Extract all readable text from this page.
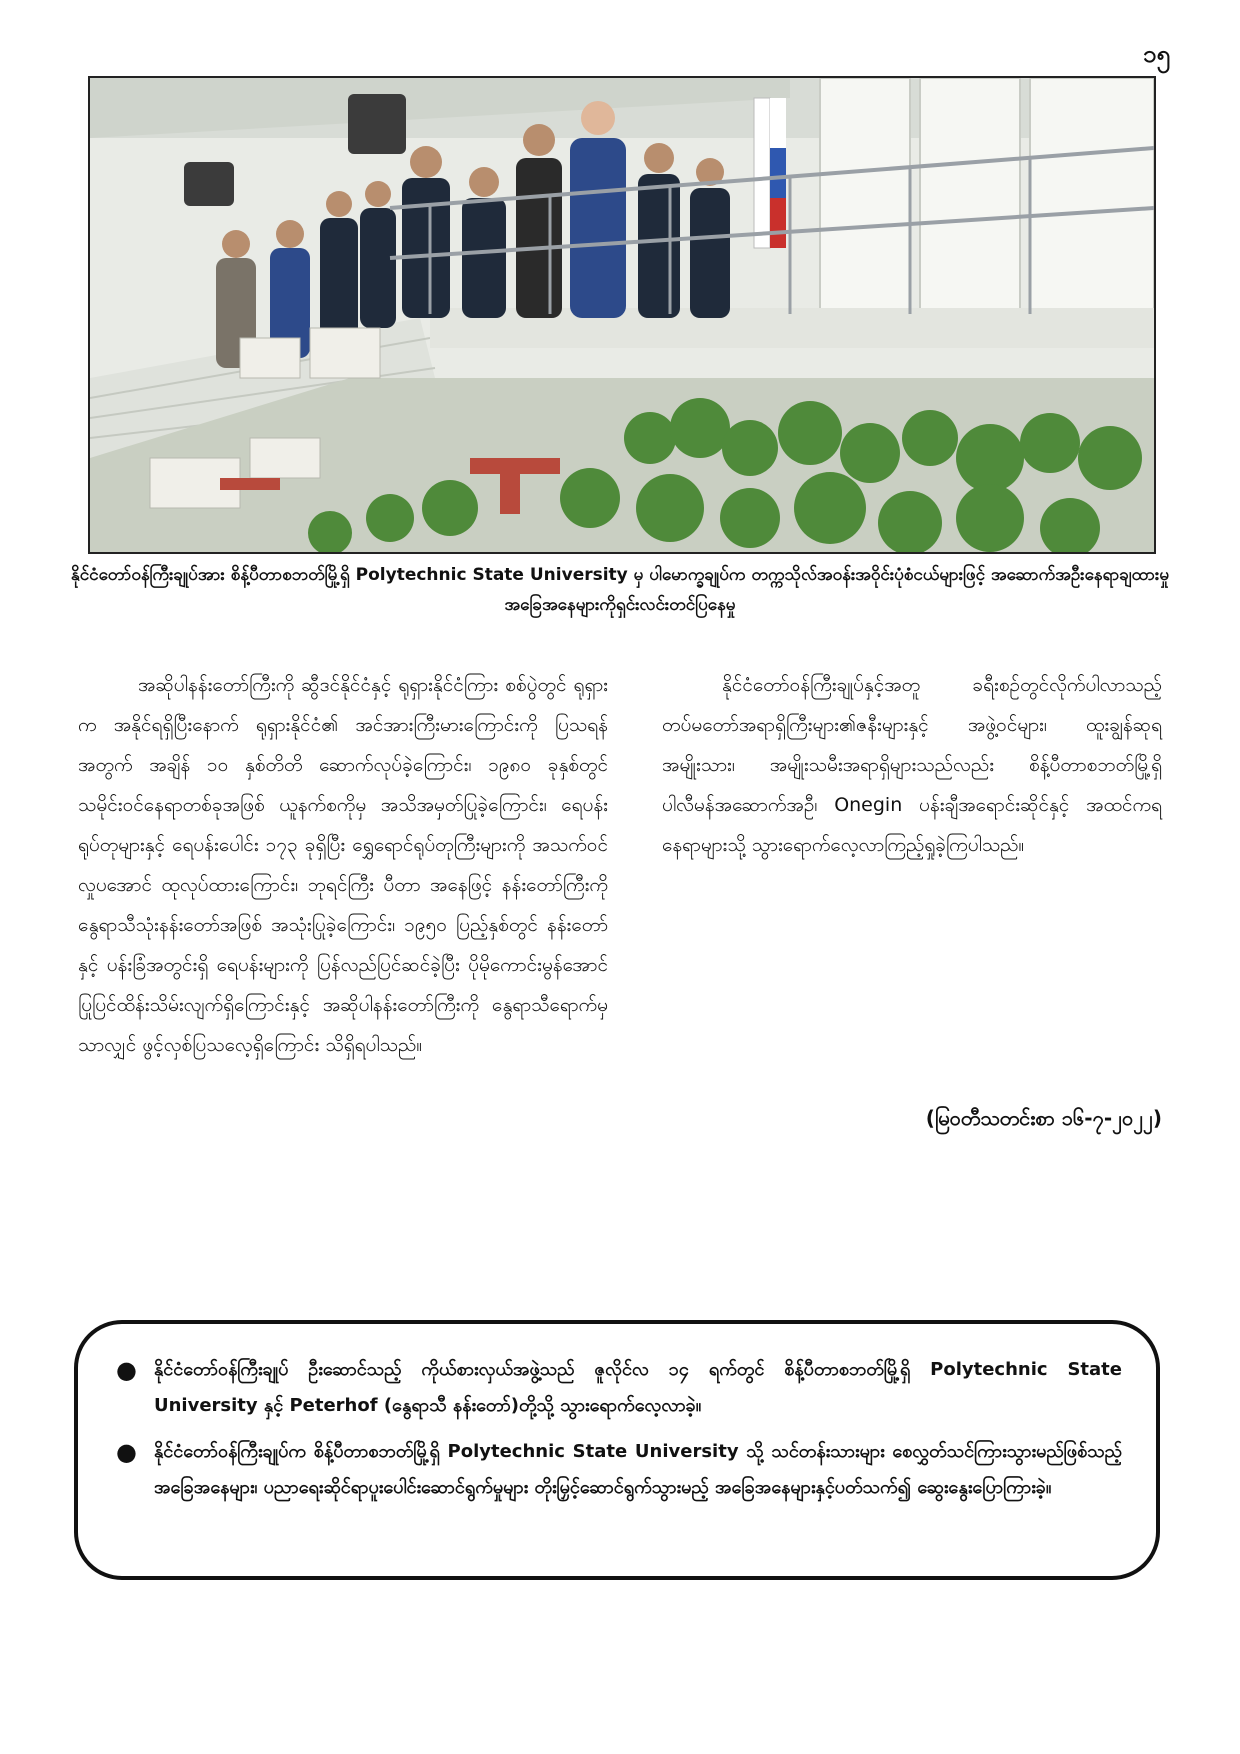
၁၅
နိုင်ငံတော်ဝန်ကြီးချုပ်အား စိန့်ပီတာစဘတ်မြို့ရှိ Polytechnic State University မှ ပါမောက္ခချုပ်က တက္ကသိုလ်အဝန်းအဝိုင်းပုံစံငယ်များဖြင့် အဆောက်အဦးနေရာချထားမှုအခြေအနေများကိုရှင်းလင်းတင်ပြနေမှု
အဆိုပါနန်းတော်ကြီးကို ဆွီဒင်နိုင်ငံနှင့် ရုရှားနိုင်ငံကြား စစ်ပွဲတွင် ရုရှားက အနိုင်ရရှိပြီးနောက် ရုရှားနိုင်ငံ၏ အင်အားကြီးမားကြောင်းကို ပြသရန်အတွက် အချိန် ၁၀ နှစ်တိတိ ဆောက်လုပ်ခဲ့ကြောင်း၊ ၁၉၈၀ ခုနှစ်တွင် သမိုင်းဝင်နေရာတစ်ခုအဖြစ် ယူနက်စကိုမှ အသိအမှတ်ပြုခဲ့ကြောင်း၊ ရေပန်းရုပ်တုများနှင့် ရေပန်းပေါင်း ၁၇၃ ခုရှိပြီး ရွှေရောင်ရုပ်တုကြီးများကို အသက်ဝင်လှုပအောင် ထုလုပ်ထားကြောင်း၊ ဘုရင်ကြီး ပီတာ အနေဖြင့် နန်းတော်ကြီးကို နွေရာသီသုံးနန်းတော်အဖြစ် အသုံးပြုခဲ့ကြောင်း၊ ၁၉၅၀ ပြည့်နှစ်တွင် နန်းတော်နှင့် ပန်းခြံအတွင်းရှိ ရေပန်းများကို ပြန်လည်ပြင်ဆင်ခဲ့ပြီး ပိုမိုကောင်းမွန်အောင် ပြုပြင်ထိန်းသိမ်းလျက်ရှိကြောင်းနှင့် အဆိုပါနန်းတော်ကြီးကို နွေရာသီရောက်မှသာလျှင် ဖွင့်လှစ်ပြသလေ့ရှိကြောင်း သိရှိရပါသည်။
နိုင်ငံတော်ဝန်ကြီးချုပ်နှင့်အတူ ခရီးစဉ်တွင်လိုက်ပါလာသည့် တပ်မတော်အရာရှိကြီးများ၏ဇနီးများနှင့် အဖွဲ့ဝင်များ၊ ထူးချွန်ဆုရ အမျိုးသား၊ အမျိုးသမီးအရာရှိများသည်လည်း စိန့်ပီတာစဘတ်မြို့ရှိ ပါလီမန်အဆောက်အဦ၊ Onegin ပန်းချီအရောင်းဆိုင်နှင့် အထင်ကရနေရာများသို့ သွားရောက်လေ့လာကြည့်ရှုခဲ့ကြပါသည်။
(မြဝတီသတင်းစာ ၁၆-၇-၂၀၂၂)
● နိုင်ငံတော်ဝန်ကြီးချုပ် ဦးဆောင်သည့် ကိုယ်စားလှယ်အဖွဲ့သည် ဇူလိုင်လ ၁၄ ရက်တွင် စိန့်ပီတာစဘတ်မြို့ရှိ Polytechnic State University နှင့် Peterhof (နွေရာသီ နန်းတော်)တို့သို့ သွားရောက်လေ့လာခဲ့။
● နိုင်ငံတော်ဝန်ကြီးချုပ်က စိန့်ပီတာစဘတ်မြို့ရှိ Polytechnic State University သို့ သင်တန်းသားများ စေလွှတ်သင်ကြားသွားမည်ဖြစ်သည့်အခြေအနေများ၊ ပညာရေးဆိုင်ရာပူးပေါင်းဆောင်ရွက်မှုများ တိုးမြှင့်ဆောင်ရွက်သွားမည့် အခြေအနေများနှင့်ပတ်သက်၍ ဆွေးနွေးပြောကြားခဲ့။
